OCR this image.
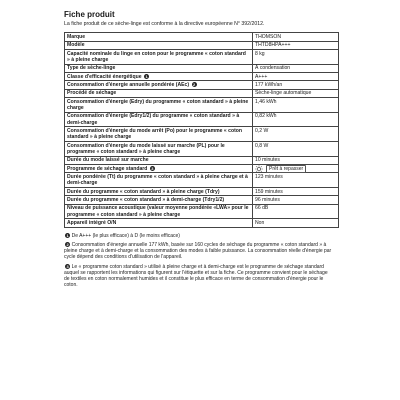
Fiche produit
La fiche produit de ce sèche-linge est conforme à la directive européenne N° 392/2012.
Marque	THOMSON
Modèle	THTD8HPA+++
Capacité nominale du linge en coton pour le programme « coton standard » à pleine charge	8 kg
Type de sèche-linge	À condensation
Classe d'efficacité énergétique 1	A+++
Consommation d'énergie annuelle pondérée (AEc) 2	177 kWh/an
Procédé de séchage	Sèche-linge automatique
Consommation d'énergie (Edry) du programme « coton standard » à pleine charge	1,46 kWh
Consommation d'énergie (Edry1/2) du programme « coton standard » à demi-charge	0,82 kWh
Consommation d'énergie du mode arrêt (Po) pour le programme « coton standard » à pleine charge	0,2 W
Consommation d'énergie du mode laissé sur marche (PL) pour le programme « coton standard » à pleine charge	0,8 W
Durée du mode laissé sur marche	10 minutes
Programme de séchage standard 3	Prêt à repasser

Durée pondérée (Tt) du programme « coton standard » à pleine charge et à demi-charge	123 minutes
Durée du programme « coton standard » à pleine charge (Tdry)	159 minutes
Durée du programme « coton standard » à demi-charge (Tdry1/2)	96 minutes
Niveau de puissance acoustique (valeur moyenne pondérée «LWA» pour le programme « coton standard » à pleine charge	66 dB
Appareil intégré O/N	Non
1 De A+++ (le plus efficace) à D (le moins efficace)
2 Consommation d'énergie annuelle 177 kWh, basée sur 160 cycles de séchage du programme « coton standard » à pleine charge et à demi-charge et la consommation des modes à faible puissance. La consommation réelle d'énergie par cycle dépend des conditions d'utilisation de l'appareil.
3 Le « programme coton standard » utilisé à pleine charge et à demi-charge est le programme de séchage standard auquel se rapportent les informations qui figurent sur l'étiquette et sur la fiche. Ce programme convient pour le séchage de textiles en coton normalement humides et il constitue le plus efficace en terme de consommation d'énergie pour le coton.
